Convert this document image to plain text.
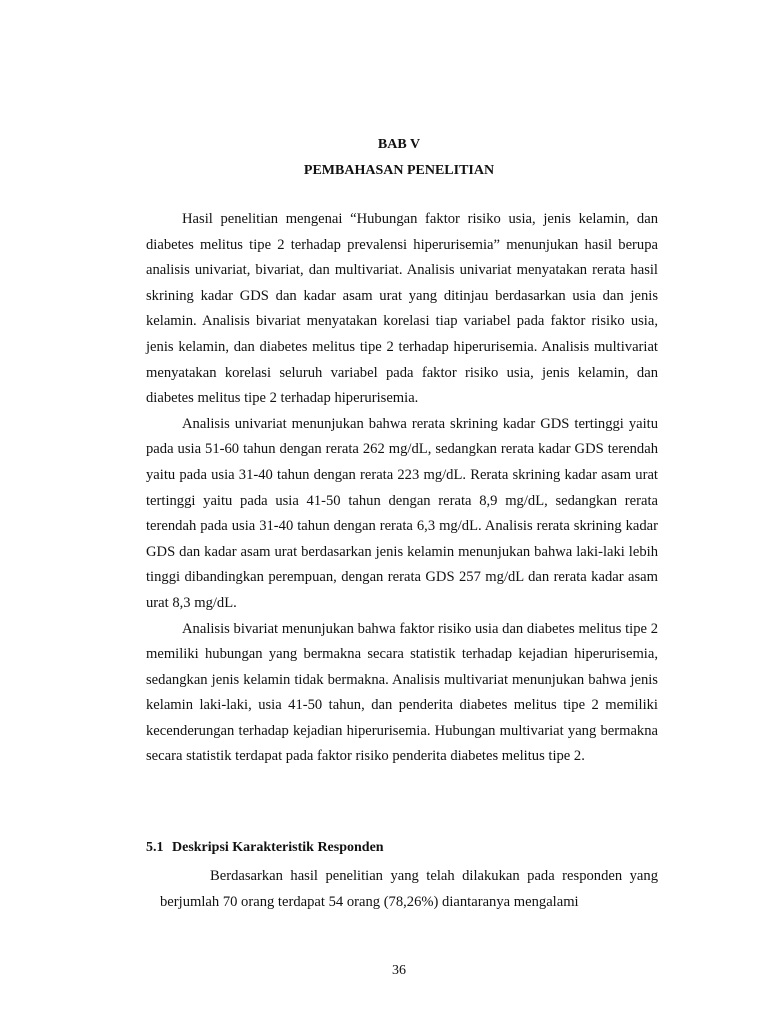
BAB V
PEMBAHASAN PENELITIAN

Hasil penelitian mengenai “Hubungan faktor risiko usia, jenis kelamin, dan diabetes melitus tipe 2 terhadap prevalensi hiperurisemia” menunjukan hasil berupa analisis univariat, bivariat, dan multivariat. Analisis univariat menyatakan rerata hasil skrining kadar GDS dan kadar asam urat yang ditinjau berdasarkan usia dan jenis kelamin. Analisis bivariat menyatakan korelasi tiap variabel pada faktor risiko usia, jenis kelamin, dan diabetes melitus tipe 2 terhadap hiperurisemia. Analisis multivariat menyatakan korelasi seluruh variabel pada faktor risiko usia, jenis kelamin, dan diabetes melitus tipe 2 terhadap hiperurisemia.

Analisis univariat menunjukan bahwa rerata skrining kadar GDS tertinggi yaitu pada usia 51-60 tahun dengan rerata 262 mg/dL, sedangkan rerata kadar GDS terendah yaitu pada usia 31-40 tahun dengan rerata 223 mg/dL. Rerata skrining kadar asam urat tertinggi yaitu pada usia 41-50 tahun dengan rerata 8,9 mg/dL, sedangkan rerata terendah pada usia 31-40 tahun dengan rerata 6,3 mg/dL. Analisis rerata skrining kadar GDS dan kadar asam urat berdasarkan jenis kelamin menunjukan bahwa laki-laki lebih tinggi dibandingkan perempuan, dengan rerata GDS 257 mg/dL dan rerata kadar asam urat 8,3 mg/dL.

Analisis bivariat menunjukan bahwa faktor risiko usia dan diabetes melitus tipe 2 memiliki hubungan yang bermakna secara statistik terhadap kejadian hiperurisemia, sedangkan jenis kelamin tidak bermakna. Analisis multivariat menunjukan bahwa jenis kelamin laki-laki, usia 41-50 tahun, dan penderita diabetes melitus tipe 2 memiliki kecenderungan terhadap kejadian hiperurisemia. Hubungan multivariat yang bermakna secara statistik terdapat pada faktor risiko penderita diabetes melitus tipe 2.

5.1 Deskripsi Karakteristik Responden

Berdasarkan hasil penelitian yang telah dilakukan pada responden yang berjumlah 70 orang terdapat 54 orang (78,26%) diantaranya mengalami

36
